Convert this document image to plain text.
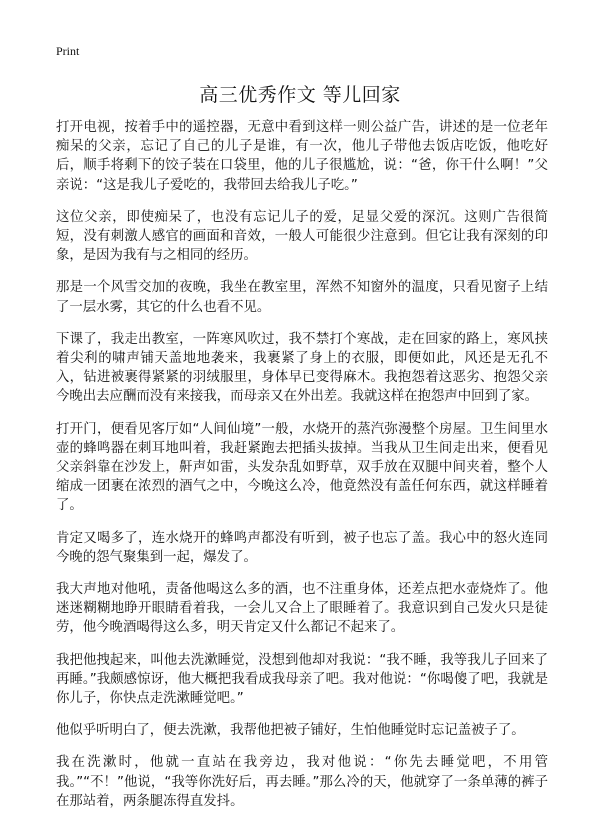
Print
高三优秀作文 等儿回家

打开电视，按着手中的遥控器，无意中看到这样一则公益广告，讲述的是一位老年痴呆的父亲，忘记了自己的儿子是谁，有一次，他儿子带他去饭店吃饭，他吃好后，顺手将剩下的饺子装在口袋里，他的儿子很尴尬，说：“爸，你干什么啊！”父亲说：“这是我儿子爱吃的，我带回去给我儿子吃。”

这位父亲，即使痴呆了，也没有忘记儿子的爱，足显父爱的深沉。这则广告很简短，没有刺激人感官的画面和音效，一般人可能很少注意到。但它让我有深刻的印象，是因为我有与之相同的经历。

那是一个风雪交加的夜晚，我坐在教室里，浑然不知窗外的温度，只看见窗子上结了一层水雾，其它的什么也看不见。

下课了，我走出教室，一阵寒风吹过，我不禁打个寒战，走在回家的路上，寒风挟着尖利的啸声铺天盖地地袭来，我裹紧了身上的衣服，即便如此，风还是无孔不入，钻进被裹得紧紧的羽绒服里，身体早已变得麻木。我抱怨着这恶劣、抱怨父亲今晚出去应酬而没有来接我，而母亲又在外出差。我就这样在抱怨声中回到了家。

打开门，便看见客厅如“人间仙境”一般，水烧开的蒸汽弥漫整个房屋。卫生间里水壶的蜂鸣器在刺耳地叫着，我赶紧跑去把插头拔掉。当我从卫生间走出来，便看见父亲斜靠在沙发上，鼾声如雷，头发杂乱如野草，双手放在双腿中间夹着，整个人缩成一团裹在浓烈的酒气之中，今晚这么冷，他竟然没有盖任何东西，就这样睡着了。

肯定又喝多了，连水烧开的蜂鸣声都没有听到，被子也忘了盖。我心中的怒火连同今晚的怨气聚集到一起，爆发了。

我大声地对他吼，责备他喝这么多的酒，也不注重身体，还差点把水壶烧炸了。他迷迷糊糊地睁开眼睛看着我，一会儿又合上了眼睡着了。我意识到自己发火只是徒劳，他今晚酒喝得这么多，明天肯定又什么都记不起来了。

我把他拽起来，叫他去洗漱睡觉，没想到他却对我说：“我不睡，我等我儿子回来了再睡。”我颇感惊讶，他大概把我看成我母亲了吧。我对他说：“你喝傻了吧，我就是你儿子，你快点走洗漱睡觉吧。”

他似乎听明白了，便去洗漱，我帮他把被子铺好，生怕他睡觉时忘记盖被子了。

我在洗漱时，他就一直站在我旁边，我对他说：“你先去睡觉吧，不用管我。”“不！”他说，“我等你洗好后，再去睡。”那么冷的天，他就穿了一条单薄的裤子在那站着，两条腿冻得直发抖。
